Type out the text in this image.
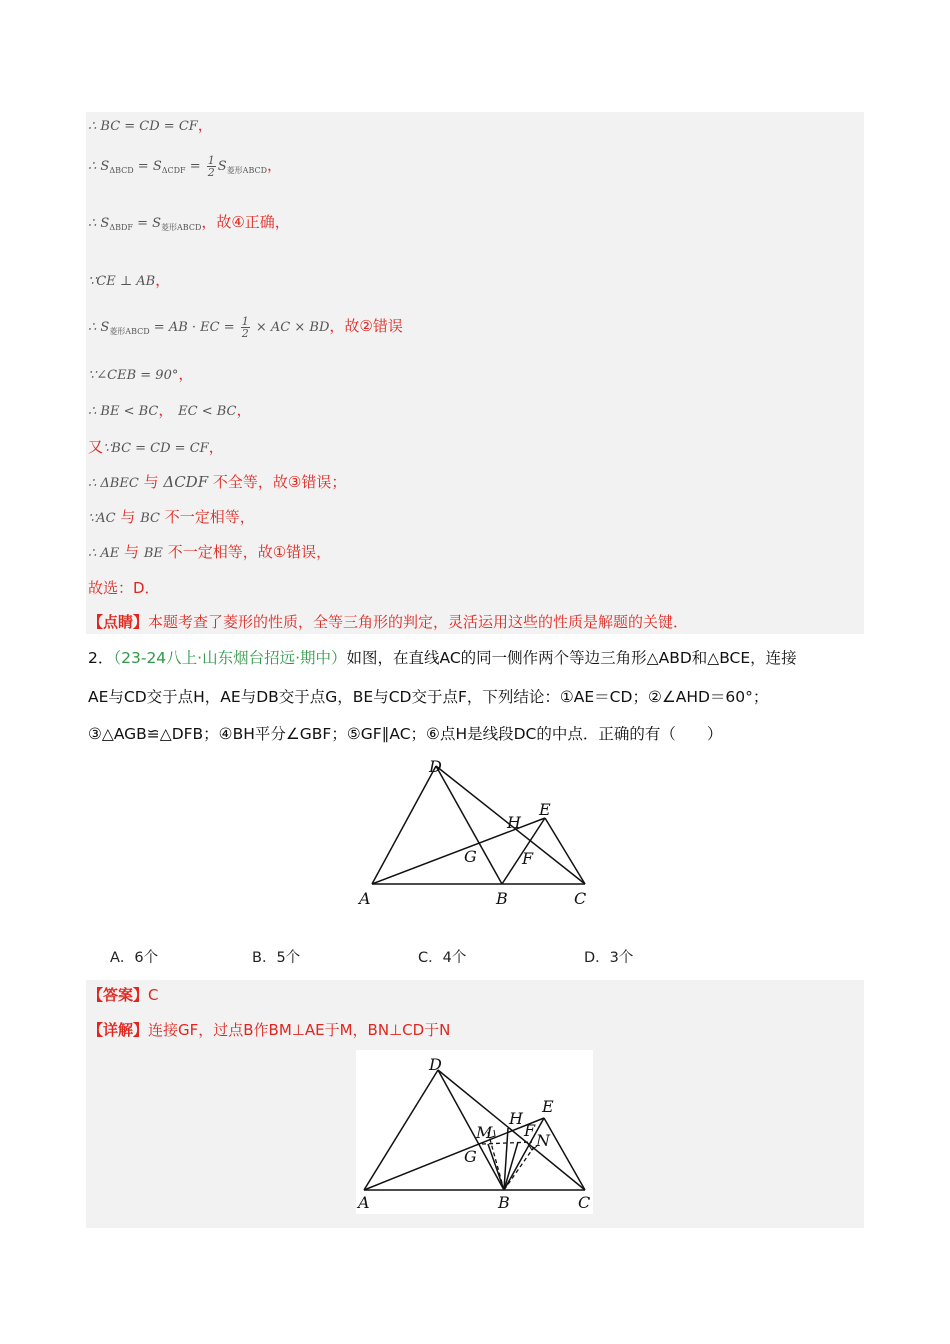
∴ BC = CD = CF，
∴ $S_{\Delta BCD} = S_{\Delta CDF} = \frac{1}{2} S_{菱形ABCD}$，
∴ $S_{\Delta BDF} = S_{菱形ABCD}$，故④正确，
∵CE ⊥ AB，
∴ $S_{菱形ABCD}$ = AB · EC = $\frac{1}{2}$ × AC × BD，故②错误
∵∠CEB = 90°，
∴ BE < BC， EC < BC，
又∵BC = CD = CF，
∴ ΔBEC 与 ΔCDF 不全等，故③错误；
∵AC 与 BC 不一定相等，
∴ AE 与 BE 不一定相等，故①错误，
故选：D．
【点睛】本题考查了菱形的性质，全等三角形的判定，灵活运用这些的性质是解题的关键．
2．（23-24八上·山东烟台招远·期中）如图，在直线AC的同一侧作两个等边三角形△ABD和△BCE，连接
AE与CD交于点H，AE与DB交于点G，BE与CD交于点F，下列结论：①AE＝CD；②∠AHD＝60°；
③△AGB≌△DFB；④BH平分∠GBF；⑤GF∥AC；⑥点H是线段DC的中点．正确的有（　　）
A	B	C
D
E
H
G	F
A．6个	B．5个	C．4个	D．3个
【答案】C
【详解】连接GF，过点B作BM⊥AE于M，BN⊥CD于N
A	B	C
D
E
H
G
F
M	N
